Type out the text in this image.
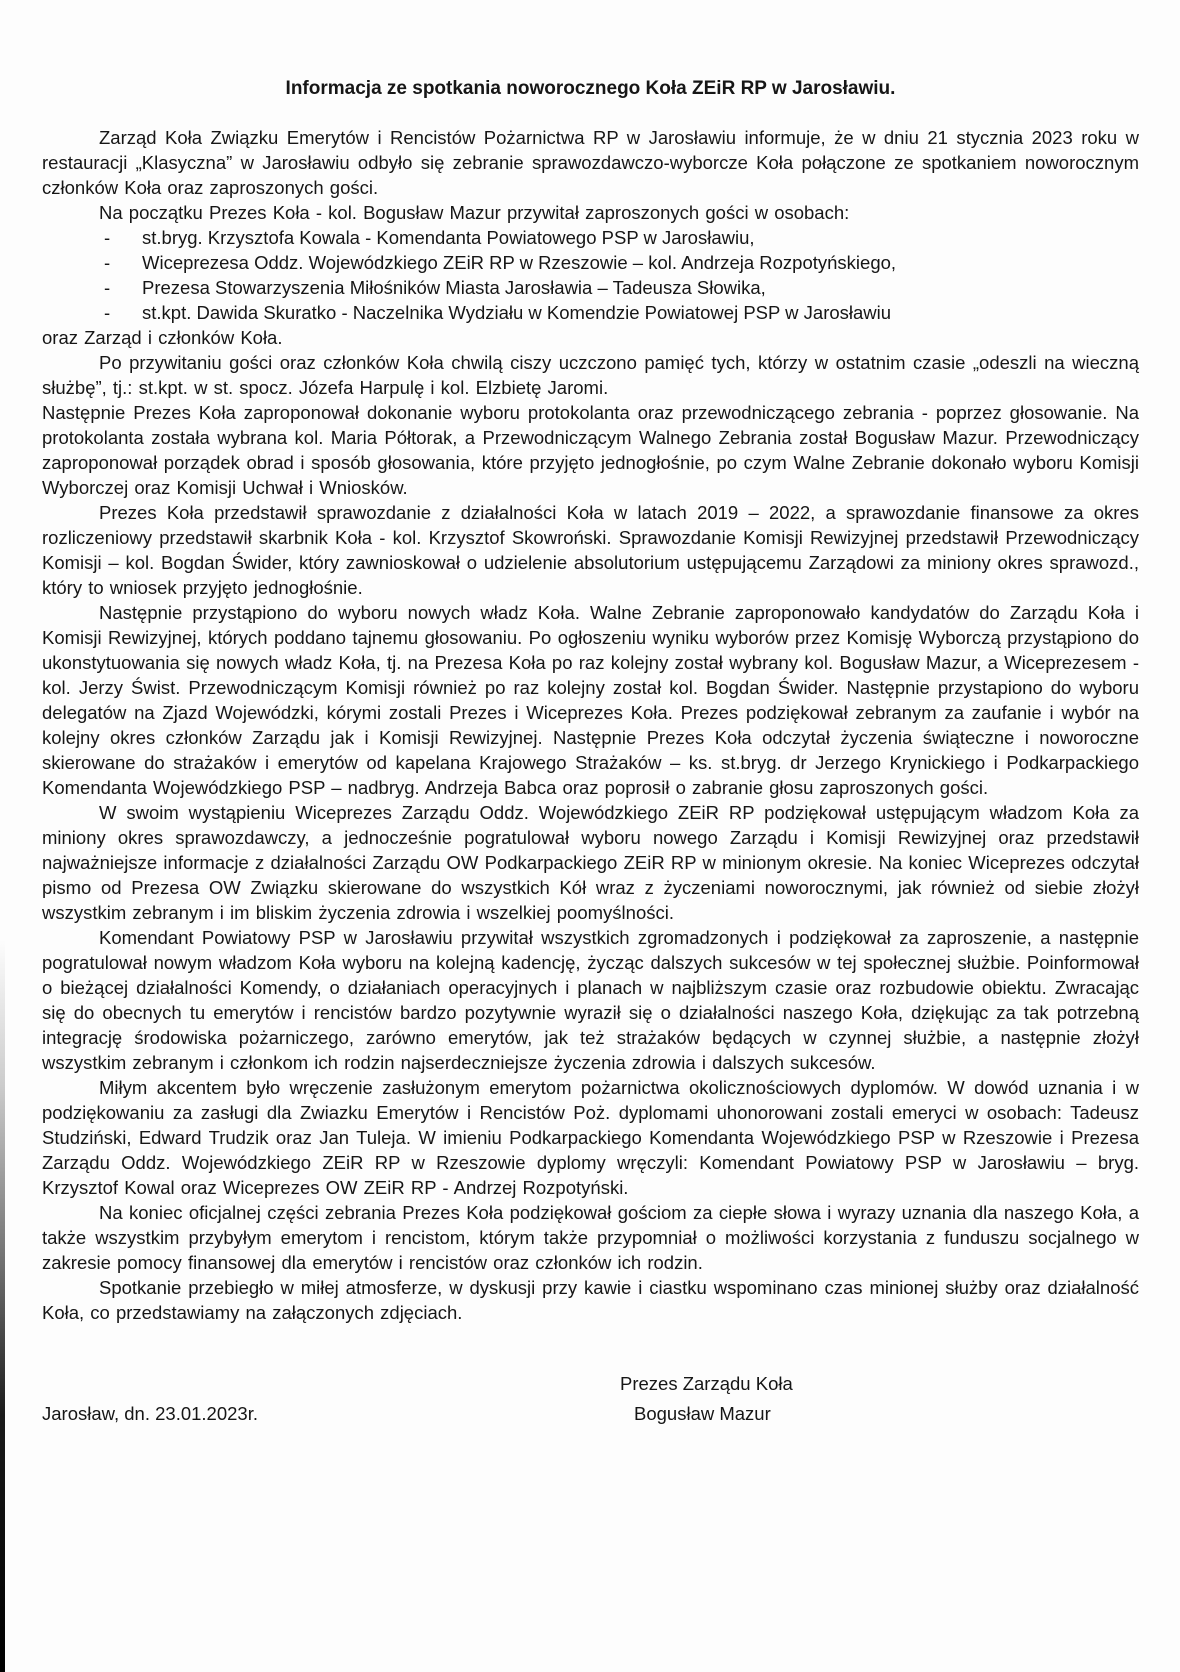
Informacja ze spotkania noworocznego Koła ZEiR RP w Jarosławiu.

Zarząd Koła Związku Emerytów i Rencistów Pożarnictwa RP w Jarosławiu informuje, że w dniu 21 stycznia 2023 roku w restauracji „Klasyczna” w Jarosławiu odbyło się zebranie sprawozdawczo-wyborcze Koła połączone ze spotkaniem noworocznym członków Koła oraz zaproszonych gości.

Na początku Prezes Koła - kol. Bogusław Mazur przywitał zaproszonych gości w osobach:

- st.bryg. Krzysztofa Kowala - Komendanta Powiatowego PSP w Jarosławiu,
- Wiceprezesa Oddz. Wojewódzkiego ZEiR RP w Rzeszowie – kol. Andrzeja Rozpotyńskiego,
- Prezesa Stowarzyszenia Miłośników Miasta Jarosławia – Tadeusza Słowika,
- st.kpt. Dawida Skuratko - Naczelnika Wydziału w Komendzie Powiatowej PSP w Jarosławiu

oraz Zarząd i członków Koła.

Po przywitaniu gości oraz członków Koła chwilą ciszy uczczono pamięć tych, którzy w ostatnim czasie „odeszli na wieczną służbę”, tj.: st.kpt. w st. spocz. Józefa Harpulę i kol. Elzbietę Jaromi.

Następnie Prezes Koła zaproponował dokonanie wyboru protokolanta oraz przewodniczącego zebrania - poprzez głosowanie. Na protokolanta została wybrana kol. Maria Półtorak, a Przewodniczącym Walnego Zebrania został Bogusław Mazur. Przewodniczący zaproponował porządek obrad i sposób głosowania, które przyjęto jednogłośnie, po czym Walne Zebranie dokonało wyboru Komisji Wyborczej oraz Komisji Uchwał i Wniosków.

Prezes Koła przedstawił sprawozdanie z działalności Koła w latach 2019 – 2022, a sprawozdanie finansowe za okres rozliczeniowy przedstawił skarbnik Koła - kol. Krzysztof Skowroński. Sprawozdanie Komisji Rewizyjnej przedstawił Przewodniczący Komisji – kol. Bogdan Świder, który zawnioskował o udzielenie absolutorium ustępującemu Zarządowi za miniony okres sprawozd., który to wniosek przyjęto jednogłośnie.

Następnie przystąpiono do wyboru nowych władz Koła. Walne Zebranie zaproponowało kandydatów do Zarządu Koła i Komisji Rewizyjnej, których poddano tajnemu głosowaniu. Po ogłoszeniu wyniku wyborów przez Komisję Wyborczą przystąpiono do ukonstytuowania się nowych władz Koła, tj. na Prezesa Koła po raz kolejny został wybrany kol. Bogusław Mazur, a Wiceprezesem - kol. Jerzy Świst. Przewodniczącym Komisji również po raz kolejny został kol. Bogdan Świder. Następnie przystapiono do wyboru delegatów na Zjazd Wojewódzki, kórymi zostali Prezes i Wiceprezes Koła. Prezes podziękował zebranym za zaufanie i wybór na kolejny okres członków Zarządu jak i Komisji Rewizyjnej. Następnie Prezes Koła odczytał życzenia świąteczne i noworoczne skierowane do strażaków i emerytów od kapelana Krajowego Strażaków – ks. st.bryg. dr Jerzego Krynickiego i Podkarpackiego Komendanta Wojewódzkiego PSP – nadbryg. Andrzeja Babca oraz poprosił o zabranie głosu zaproszonych gości.

W swoim wystąpieniu Wiceprezes Zarządu Oddz. Wojewódzkiego ZEiR RP podziękował ustępującym władzom Koła za miniony okres sprawozdawczy, a jednocześnie pogratulował wyboru nowego Zarządu i Komisji Rewizyjnej oraz przedstawił najważniejsze informacje z działalności Zarządu OW Podkarpackiego ZEiR RP w minionym okresie. Na koniec Wiceprezes odczytał pismo od Prezesa OW Związku skierowane do wszystkich Kół wraz z życzeniami noworocznymi, jak również od siebie złożył wszystkim zebranym i im bliskim życzenia zdrowia i wszelkiej poomyślności.

Komendant Powiatowy PSP w Jarosławiu przywitał wszystkich zgromadzonych i podziękował za zaproszenie, a następnie pogratulował nowym władzom Koła wyboru na kolejną kadencję, życząc dalszych sukcesów w tej społecznej służbie. Poinformował o bieżącej działalności Komendy, o działaniach operacyjnych i planach w najbliższym czasie oraz rozbudowie obiektu. Zwracając się do obecnych tu emerytów i rencistów bardzo pozytywnie wyraził się o działalności naszego Koła, dziękując za tak potrzebną integrację środowiska pożarniczego, zarówno emerytów, jak też strażaków będących w czynnej służbie, a następnie złożył wszystkim zebranym i członkom ich rodzin najserdeczniejsze życzenia zdrowia i dalszych sukcesów.

Miłym akcentem było wręczenie zasłużonym emerytom pożarnictwa okolicznościowych dyplomów. W dowód uznania i w podziękowaniu za zasługi dla Zwiazku Emerytów i Rencistów Poż. dyplomami uhonorowani zostali emeryci w osobach: Tadeusz Studziński, Edward Trudzik oraz Jan Tuleja. W imieniu Podkarpackiego Komendanta Wojewódzkiego PSP w Rzeszowie i Prezesa Zarządu Oddz. Wojewódzkiego ZEiR RP w Rzeszowie dyplomy wręczyli: Komendant Powiatowy PSP w Jarosławiu – bryg. Krzysztof Kowal oraz Wiceprezes OW ZEiR RP - Andrzej Rozpotyński.

Na koniec oficjalnej części zebrania Prezes Koła podziękował gościom za ciepłe słowa i wyrazy uznania dla naszego Koła, a także wszystkim przybyłym emerytom i rencistom, którym także przypomniał o możliwości korzystania z funduszu socjalnego w zakresie pomocy finansowej dla emerytów i rencistów oraz członków ich rodzin.

Spotkanie przebiegło w miłej atmosferze, w dyskusji przy kawie i ciastku wspominano czas minionej służby oraz działalność Koła, co przedstawiamy na załączonych zdjęciach.

Prezes Zarządu Koła
Jarosław, dn. 23.01.2023r.	Bogusław Mazur
